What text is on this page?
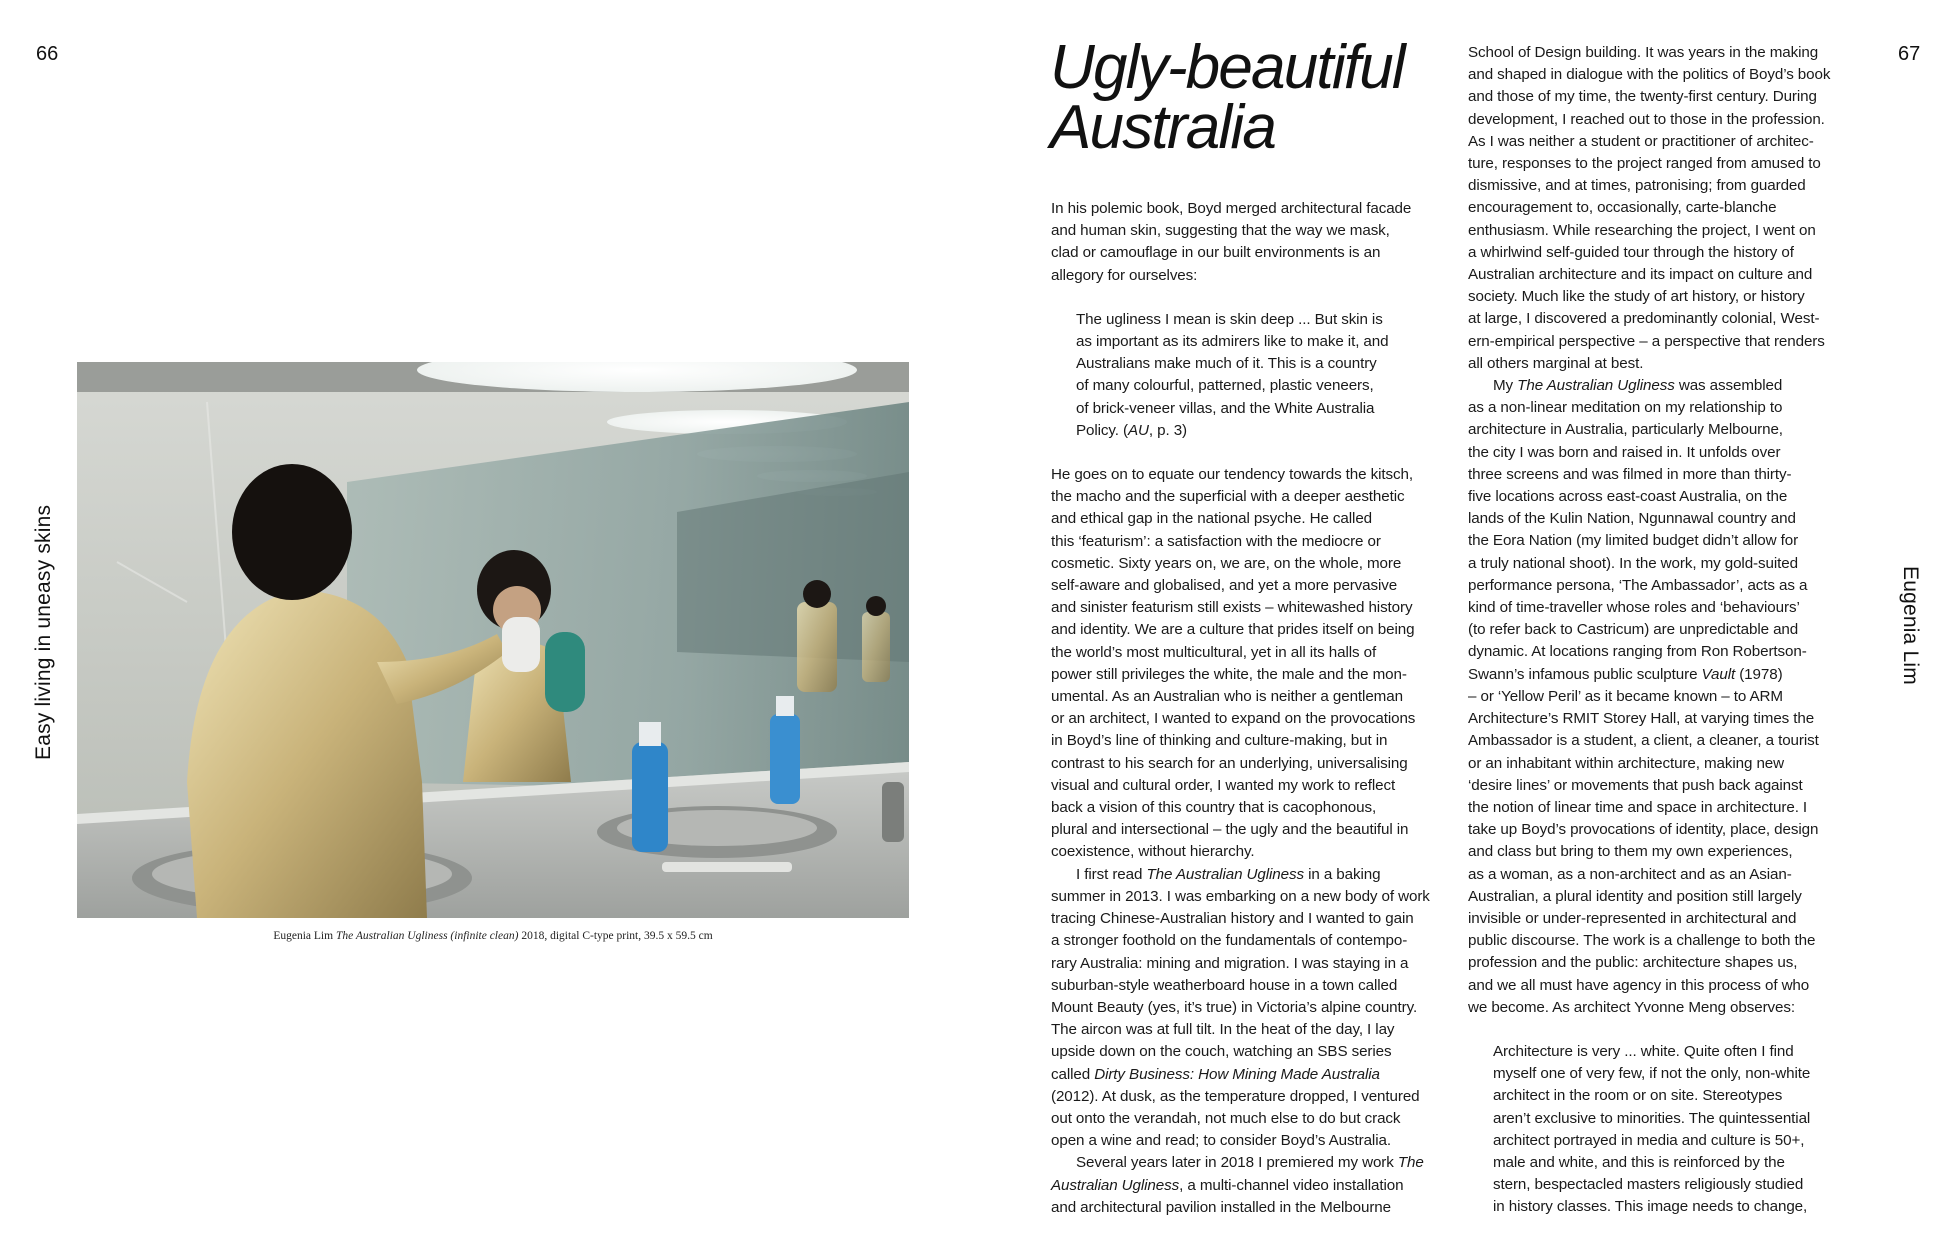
66	67
Easy living in uneasy skins	Eugenia Lim
Eugenia Lim The Australian Ugliness (infinite clean) 2018, digital C-type print, 39.5 x 59.5 cm
Ugly-beautiful
Australia

In his polemic book, Boyd merged architectural facade
and human skin, suggesting that the way we mask,
clad or camouflage in our built environments is an
allegory for ourselves:

The ugliness I mean is skin deep ... But skin is
as important as its admirers like to make it, and
Australians make much of it. This is a country
of many colourful, patterned, plastic veneers,
of brick-veneer villas, and the White Australia
Policy. (AU, p. 3)

He goes on to equate our tendency towards the kitsch,
the macho and the superficial with a deeper aesthetic
and ethical gap in the national psyche. He called
this ‘featurism’: a satisfaction with the mediocre or
cosmetic. Sixty years on, we are, on the whole, more
self-aware and globalised, and yet a more pervasive
and sinister featurism still exists – whitewashed history
and identity. We are a culture that prides itself on being
the world’s most multicultural, yet in all its halls of
power still privileges the white, the male and the mon-
umental. As an Australian who is neither a gentleman
or an architect, I wanted to expand on the provocations
in Boyd’s line of thinking and culture-making, but in
contrast to his search for an underlying, universalising
visual and cultural order, I wanted my work to reflect
back a vision of this country that is cacophonous,
plural and intersectional – the ugly and the beautiful in
coexistence, without hierarchy.

I first read The Australian Ugliness in a baking
summer in 2013. I was embarking on a new body of work
tracing Chinese-Australian history and I wanted to gain
a stronger foothold on the fundamentals of contempo-
rary Australia: mining and migration. I was staying in a
suburban-style weatherboard house in a town called
Mount Beauty (yes, it’s true) in Victoria’s alpine country.
The aircon was at full tilt. In the heat of the day, I lay
upside down on the couch, watching an SBS series
called Dirty Business: How Mining Made Australia
(2012). At dusk, as the temperature dropped, I ventured
out onto the verandah, not much else to do but crack
open a wine and read; to consider Boyd’s Australia.

Several years later in 2018 I premiered my work The
Australian Ugliness, a multi-channel video installation
and architectural pavilion installed in the Melbourne

School of Design building. It was years in the making
and shaped in dialogue with the politics of Boyd’s book
and those of my time, the twenty-first century. During
development, I reached out to those in the profession.
As I was neither a student or practitioner of architec-
ture, responses to the project ranged from amused to
dismissive, and at times, patronising; from guarded
encouragement to, occasionally, carte-blanche
enthusiasm. While researching the project, I went on
a whirlwind self-guided tour through the history of
Australian architecture and its impact on culture and
society. Much like the study of art history, or history
at large, I discovered a predominantly colonial, West-
ern-empirical perspective – a perspective that renders
all others marginal at best.

My The Australian Ugliness was assembled
as a non-linear meditation on my relationship to
architecture in Australia, particularly Melbourne,
the city I was born and raised in. It unfolds over
three screens and was filmed in more than thirty-
five locations across east-coast Australia, on the
lands of the Kulin Nation, Ngunnawal country and
the Eora Nation (my limited budget didn’t allow for
a truly national shoot). In the work, my gold-suited
performance persona, ‘The Ambassador’, acts as a
kind of time-traveller whose roles and ‘behaviours’
(to refer back to Castricum) are unpredictable and
dynamic. At locations ranging from Ron Robertson-
Swann’s infamous public sculpture Vault (1978)
– or ‘Yellow Peril’ as it became known – to ARM
Architecture’s RMIT Storey Hall, at varying times the
Ambassador is a student, a client, a cleaner, a tourist
or an inhabitant within architecture, making new
‘desire lines’ or movements that push back against
the notion of linear time and space in architecture. I
take up Boyd’s provocations of identity, place, design
and class but bring to them my own experiences,
as a woman, as a non-architect and as an Asian-
Australian, a plural identity and position still largely
invisible or under-represented in architectural and
public discourse. The work is a challenge to both the
profession and the public: architecture shapes us,
and we all must have agency in this process of who
we become. As architect Yvonne Meng observes:

Architecture is very ... white. Quite often I find
myself one of very few, if not the only, non-white
architect in the room or on site. Stereotypes
aren’t exclusive to minorities. The quintessential
architect portrayed in media and culture is 50+,
male and white, and this is reinforced by the
stern, bespectacled masters religiously studied
in history classes. This image needs to change,
